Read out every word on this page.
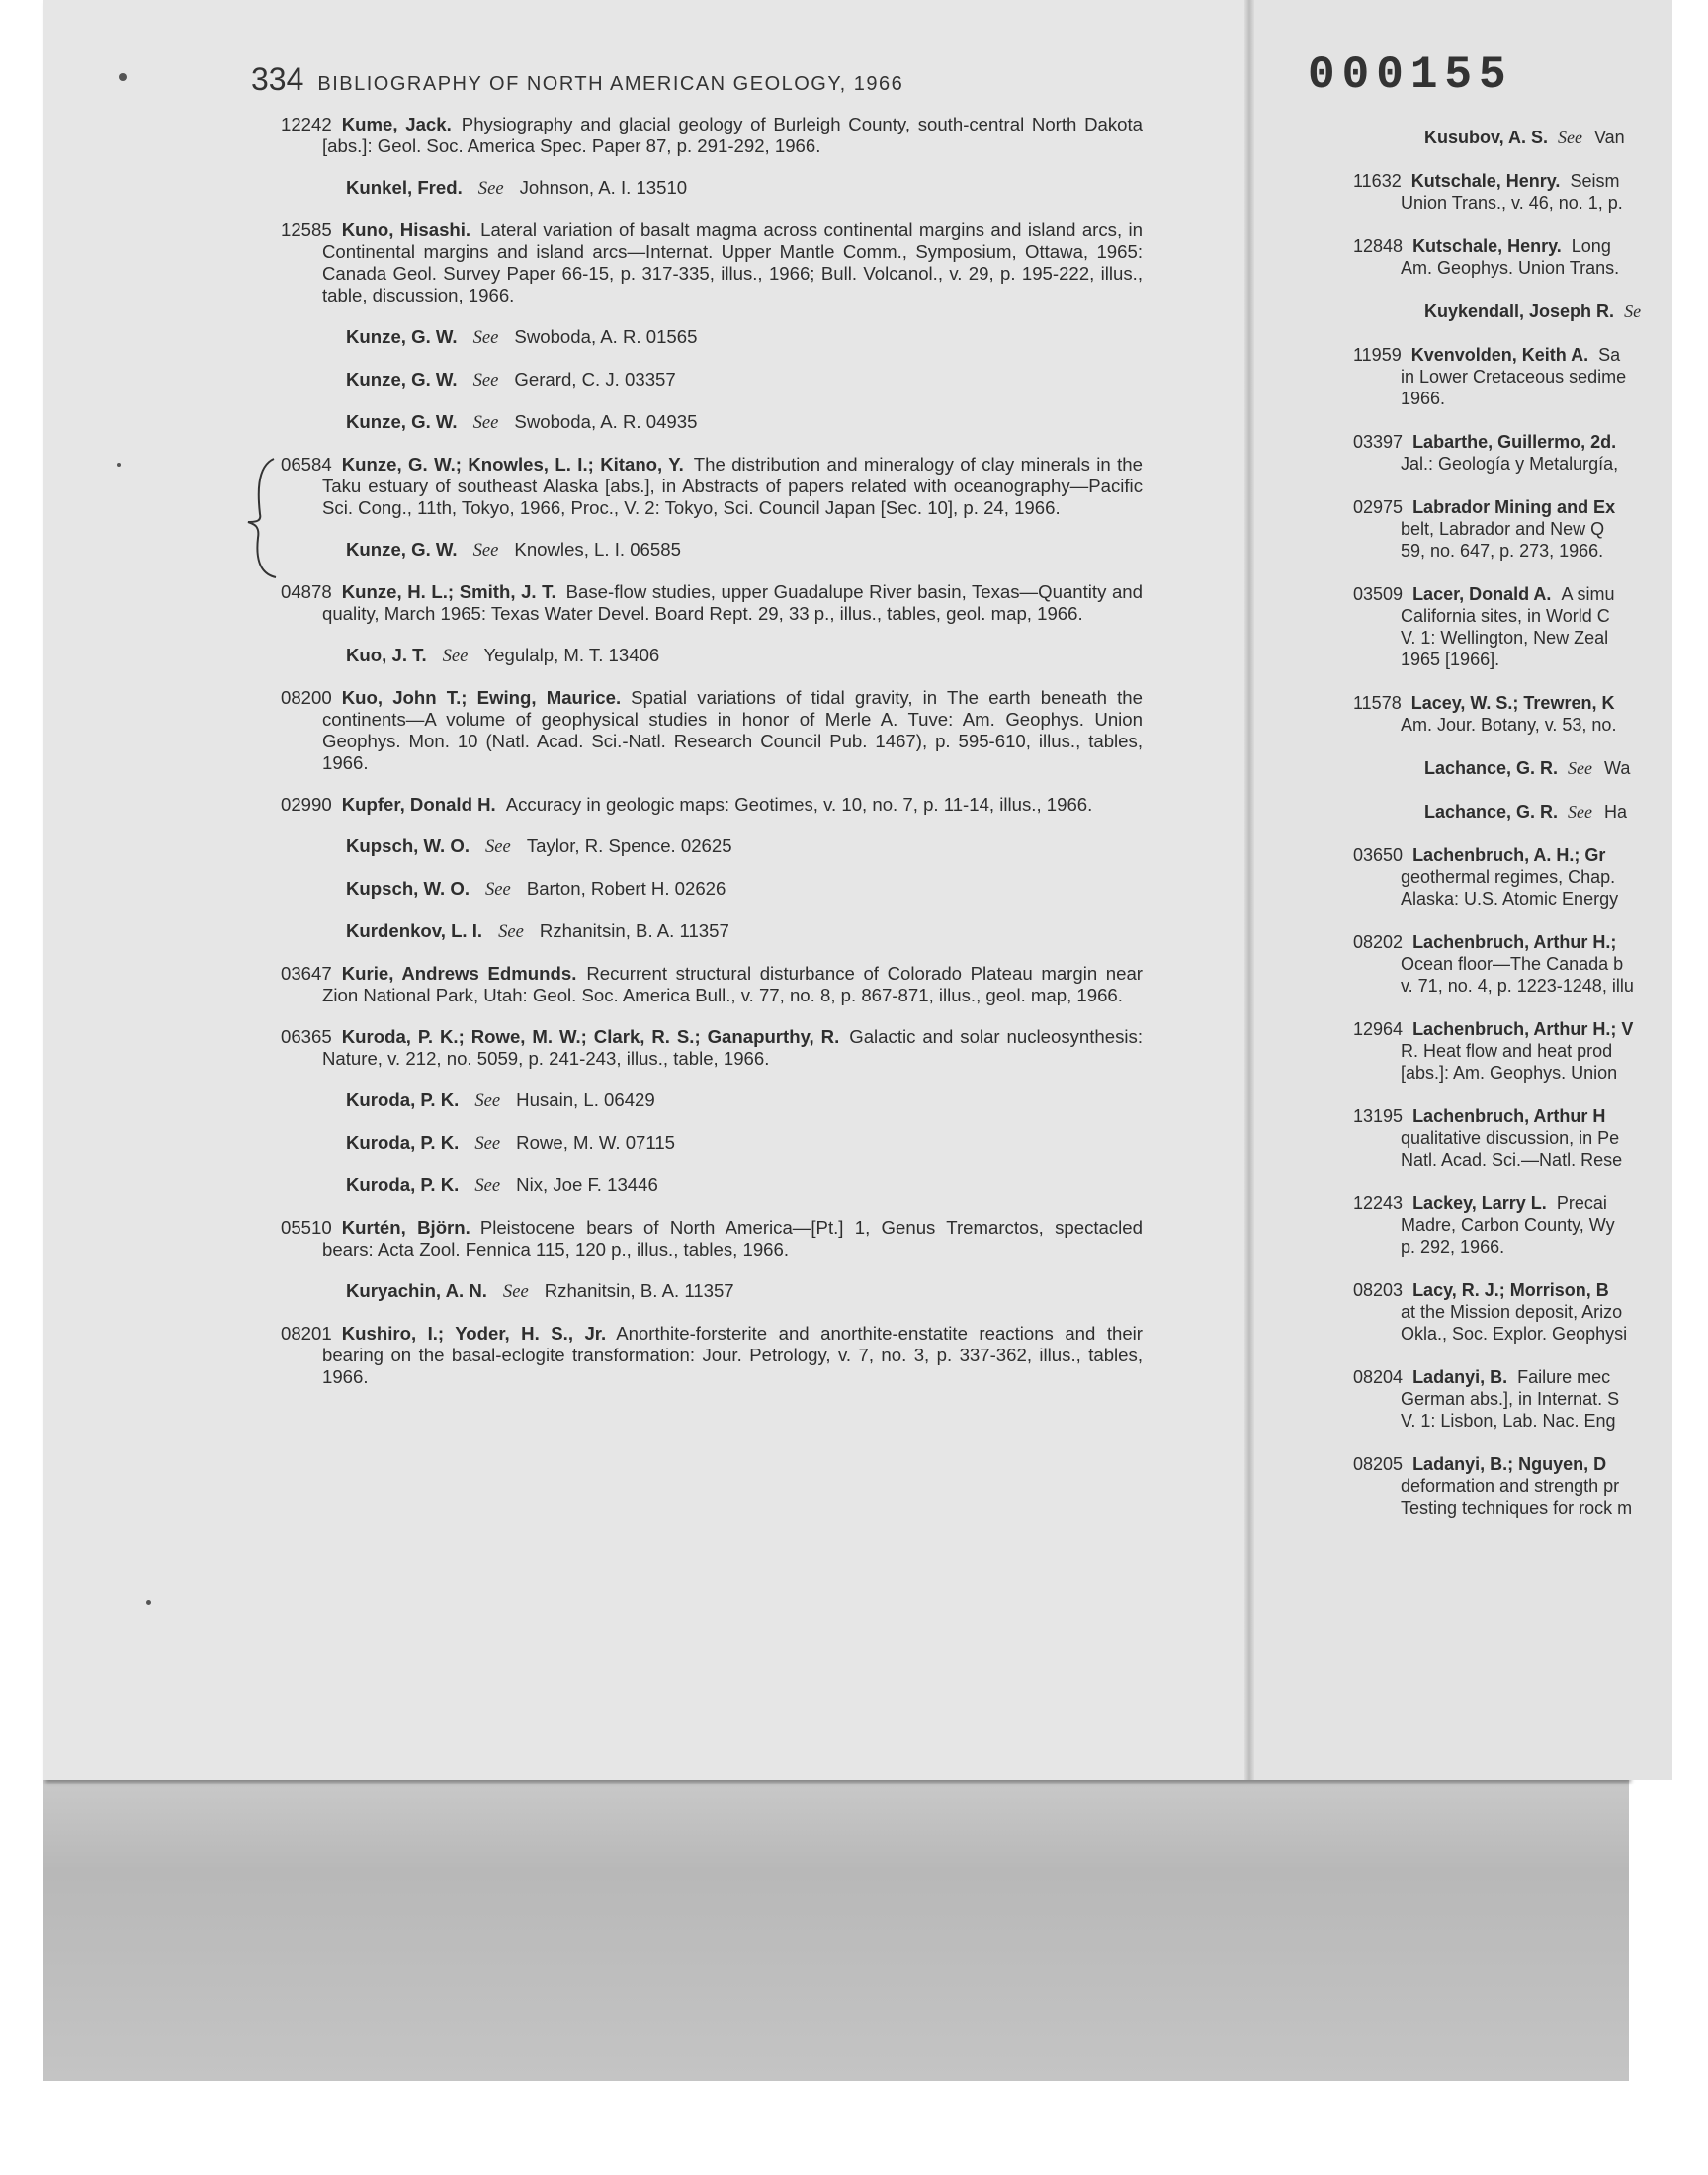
334 BIBLIOGRAPHY OF NORTH AMERICAN GEOLOGY, 1966

12242 Kume, Jack. Physiography and glacial geology of Burleigh County, south-central North Dakota [abs.]: Geol. Soc. America Spec. Paper 87, p. 291-292, 1966.

Kunkel, Fred. See Johnson, A. I. 13510

12585 Kuno, Hisashi. Lateral variation of basalt magma across continental margins and island arcs, in Continental margins and island arcs—Internat. Upper Mantle Comm., Symposium, Ottawa, 1965: Canada Geol. Survey Paper 66-15, p. 317-335, illus., 1966; Bull. Volcanol., v. 29, p. 195-222, illus., table, discussion, 1966.

Kunze, G. W. See Swoboda, A. R. 01565

Kunze, G. W. See Gerard, C. J. 03357

Kunze, G. W. See Swoboda, A. R. 04935

06584 Kunze, G. W.; Knowles, L. I.; Kitano, Y. The distribution and mineralogy of clay minerals in the Taku estuary of southeast Alaska [abs.], in Abstracts of papers related with oceanography—Pacific Sci. Cong., 11th, Tokyo, 1966, Proc., V. 2: Tokyo, Sci. Council Japan [Sec. 10], p. 24, 1966.

Kunze, G. W. See Knowles, L. I. 06585

04878 Kunze, H. L.; Smith, J. T. Base-flow studies, upper Guadalupe River basin, Texas—Quantity and quality, March 1965: Texas Water Devel. Board Rept. 29, 33 p., illus., tables, geol. map, 1966.

Kuo, J. T. See Yegulalp, M. T. 13406

08200 Kuo, John T.; Ewing, Maurice. Spatial variations of tidal gravity, in The earth beneath the continents—A volume of geophysical studies in honor of Merle A. Tuve: Am. Geophys. Union Geophys. Mon. 10 (Natl. Acad. Sci.-Natl. Research Council Pub. 1467), p. 595-610, illus., tables, 1966.

02990 Kupfer, Donald H. Accuracy in geologic maps: Geotimes, v. 10, no. 7, p. 11-14, illus., 1966.

Kupsch, W. O. See Taylor, R. Spence. 02625

Kupsch, W. O. See Barton, Robert H. 02626

Kurdenkov, L. I. See Rzhanitsin, B. A. 11357

03647 Kurie, Andrews Edmunds. Recurrent structural disturbance of Colorado Plateau margin near Zion National Park, Utah: Geol. Soc. America Bull., v. 77, no. 8, p. 867-871, illus., geol. map, 1966.

06365 Kuroda, P. K.; Rowe, M. W.; Clark, R. S.; Ganapurthy, R. Galactic and solar nucleosynthesis: Nature, v. 212, no. 5059, p. 241-243, illus., table, 1966.

Kuroda, P. K. See Husain, L. 06429

Kuroda, P. K. See Rowe, M. W. 07115

Kuroda, P. K. See Nix, Joe F. 13446

05510 Kurtén, Björn. Pleistocene bears of North America—[Pt.] 1, Genus Tremarctos, spectacled bears: Acta Zool. Fennica 115, 120 p., illus., tables, 1966.

Kuryachin, A. N. See Rzhanitsin, B. A. 11357

08201 Kushiro, I.; Yoder, H. S., Jr. Anorthite-forsterite and anorthite-enstatite reactions and their bearing on the basal-eclogite transformation: Jour. Petrology, v. 7, no. 3, p. 337-362, illus., tables, 1966.

000155

Kusubov, A. S. See Van

11632 Kutschale, Henry. Seism

Union Trans., v. 46, no. 1, p.

12848 Kutschale, Henry. Long

Am. Geophys. Union Trans.

Kuykendall, Joseph R. Se

11959 Kvenvolden, Keith A. Sa

in Lower Cretaceous sedime

1966.

03397 Labarthe, Guillermo, 2d.

Jal.: Geología y Metalurgía,

02975 Labrador Mining and Ex

belt, Labrador and New Q

59, no. 647, p. 273, 1966.

03509 Lacer, Donald A. A simu

California sites, in World C

V. 1: Wellington, New Zeal

1965 [1966].

11578 Lacey, W. S.; Trewren, K

Am. Jour. Botany, v. 53, no.

Lachance, G. R. See Wa

Lachance, G. R. See Ha

03650 Lachenbruch, A. H.; Gr

geothermal regimes, Chap.

Alaska: U.S. Atomic Energy

08202 Lachenbruch, Arthur H.;

Ocean floor—The Canada b

v. 71, no. 4, p. 1223-1248, illu

12964 Lachenbruch, Arthur H.; V

R. Heat flow and heat prod

[abs.]: Am. Geophys. Union

13195 Lachenbruch, Arthur H

qualitative discussion, in Pe

Natl. Acad. Sci.—Natl. Rese

12243 Lackey, Larry L. Precai

Madre, Carbon County, Wy

p. 292, 1966.

08203 Lacy, R. J.; Morrison, B

at the Mission deposit, Arizo

Okla., Soc. Explor. Geophysi

08204 Ladanyi, B. Failure mec

German abs.], in Internat. S

V. 1: Lisbon, Lab. Nac. Eng

08205 Ladanyi, B.; Nguyen, D

deformation and strength pr

Testing techniques for rock m
